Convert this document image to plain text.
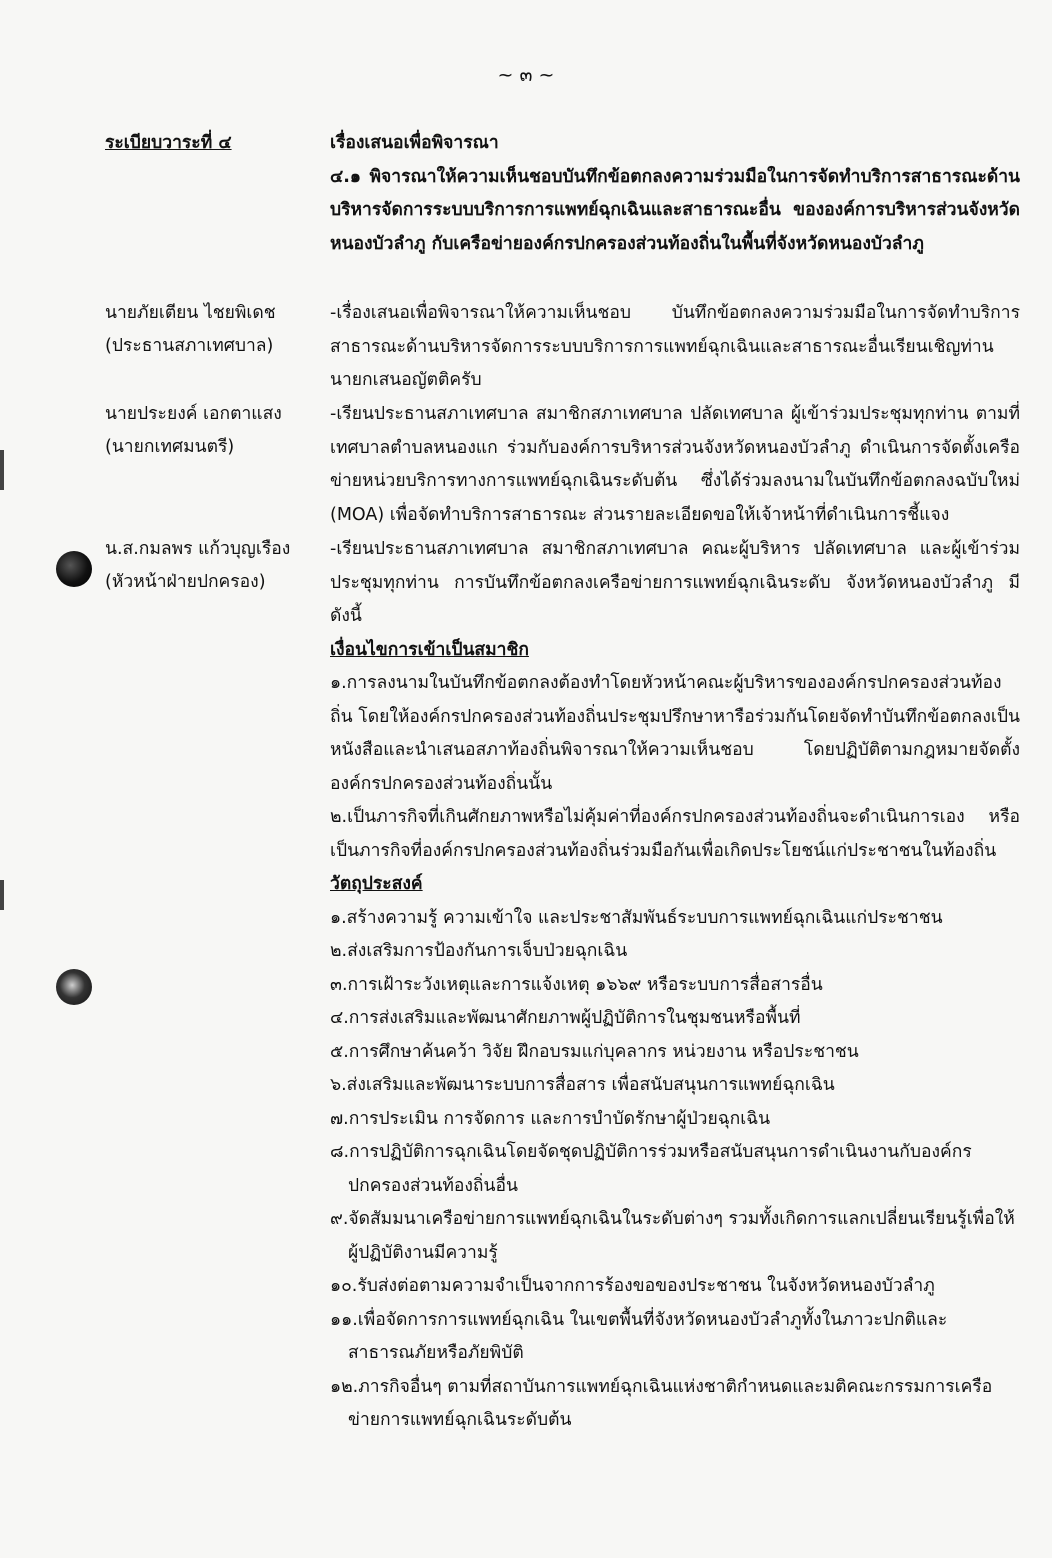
~ ๓ ~
ระเบียบวาระที่ ๔	เรื่องเสนอเพื่อพิจารณา

๔.๑ พิจารณาให้ความเห็นชอบบันทึกข้อตกลงความร่วมมือในการจัดทำบริการสาธารณะด้านบริหารจัดการระบบบริการการแพทย์ฉุกเฉินและสาธารณะอื่น ขององค์การบริหารส่วนจังหวัดหนองบัวลำภู กับเครือข่ายองค์กรปกครองส่วนท้องถิ่นในพื้นที่จังหวัดหนองบัวลำภู

นายภัยเตียน ไชยพิเดช
(ประธานสภาเทศบาล)
-เรื่องเสนอเพื่อพิจารณาให้ความเห็นชอบ บันทึกข้อตกลงความร่วมมือในการจัดทำบริการสาธารณะด้านบริหารจัดการระบบบริการการแพทย์ฉุกเฉินและสาธารณะอื่นเรียนเชิญท่านนายกเสนอญัตติครับ
นายประยงค์ เอกตาแสง
(นายกเทศมนตรี)
-เรียนประธานสภาเทศบาล สมาชิกสภาเทศบาล ปลัดเทศบาล ผู้เข้าร่วมประชุมทุกท่าน ตามที่เทศบาลตำบลหนองแก ร่วมกับองค์การบริหารส่วนจังหวัดหนองบัวลำภู ดำเนินการจัดตั้งเครือข่ายหน่วยบริการทางการแพทย์ฉุกเฉินระดับต้น ซึ่งได้ร่วมลงนามในบันทึกข้อตกลงฉบับใหม่ (MOA) เพื่อจัดทำบริการสาธารณะ ส่วนรายละเอียดขอให้เจ้าหน้าที่ดำเนินการชี้แจง
น.ส.กมลพร แก้วบุญเรือง
(หัวหน้าฝ่ายปกครอง)

-เรียนประธานสภาเทศบาล สมาชิกสภาเทศบาล คณะผู้บริหาร ปลัดเทศบาล และผู้เข้าร่วมประชุมทุกท่าน การบันทึกข้อตกลงเครือข่ายการแพทย์ฉุกเฉินระดับ จังหวัดหนองบัวลำภู มีดังนี้

เงื่อนไขการเข้าเป็นสมาชิก

๑.การลงนามในบันทึกข้อตกลงต้องทำโดยหัวหน้าคณะผู้บริหารขององค์กรปกครองส่วนท้องถิ่น โดยให้องค์กรปกครองส่วนท้องถิ่นประชุมปรึกษาหารือร่วมกันโดยจัดทำบันทึกข้อตกลงเป็นหนังสือและนำเสนอสภาท้องถิ่นพิจารณาให้ความเห็นชอบ โดยปฏิบัติตามกฎหมายจัดตั้งองค์กรปกครองส่วนท้องถิ่นนั้น

๒.เป็นภารกิจที่เกินศักยภาพหรือไม่คุ้มค่าที่องค์กรปกครองส่วนท้องถิ่นจะดำเนินการเอง หรือเป็นภารกิจที่องค์กรปกครองส่วนท้องถิ่นร่วมมือกันเพื่อเกิดประโยชน์แก่ประชาชนในท้องถิ่น

วัตถุประสงค์

๑.สร้างความรู้ ความเข้าใจ และประชาสัมพันธ์ระบบการแพทย์ฉุกเฉินแก่ประชาชน

๒.ส่งเสริมการป้องกันการเจ็บป่วยฉุกเฉิน

๓.การเฝ้าระวังเหตุและการแจ้งเหตุ ๑๖๖๙ หรือระบบการสื่อสารอื่น

๔.การส่งเสริมและพัฒนาศักยภาพผู้ปฏิบัติการในชุมชนหรือพื้นที่

๕.การศึกษาค้นคว้า วิจัย ฝึกอบรมแก่บุคลากร หน่วยงาน หรือประชาชน

๖.ส่งเสริมและพัฒนาระบบการสื่อสาร เพื่อสนับสนุนการแพทย์ฉุกเฉิน

๗.การประเมิน การจัดการ และการบำบัดรักษาผู้ป่วยฉุกเฉิน

๘.การปฏิบัติการฉุกเฉินโดยจัดชุดปฏิบัติการร่วมหรือสนับสนุนการดำเนินงานกับองค์กรปกครองส่วนท้องถิ่นอื่น

๙.จัดสัมมนาเครือข่ายการแพทย์ฉุกเฉินในระดับต่างๆ รวมทั้งเกิดการแลกเปลี่ยนเรียนรู้เพื่อให้ผู้ปฏิบัติงานมีความรู้

๑๐.รับส่งต่อตามความจำเป็นจากการร้องขอของประชาชน ในจังหวัดหนองบัวลำภู

๑๑.เพื่อจัดการการแพทย์ฉุกเฉิน ในเขตพื้นที่จังหวัดหนองบัวลำภูทั้งในภาวะปกติและสาธารณภัยหรือภัยพิบัติ

๑๒.ภารกิจอื่นๆ ตามที่สถาบันการแพทย์ฉุกเฉินแห่งชาติกำหนดและมติคณะกรรมการเครือข่ายการแพทย์ฉุกเฉินระดับต้น
